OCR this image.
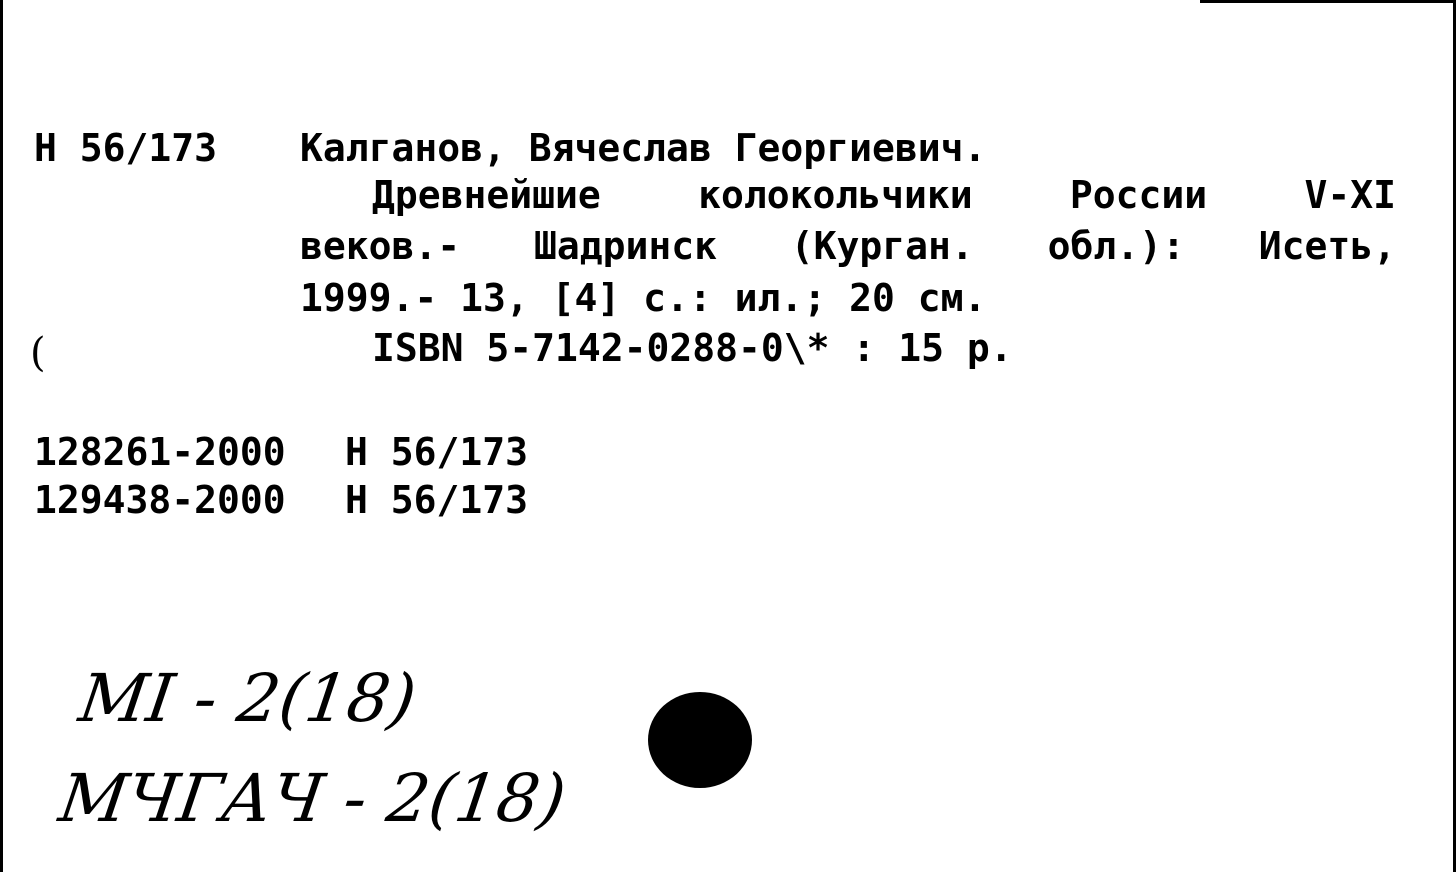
Н 56/173 Калганов, Вячеслав Георгиевич.
Древнейшие	колокольчики	России	V-XI
веков.- Шадринск (Курган. обл.): Исеть,
1999.- 13, [4] с.: ил.; 20 см.
ISBN 5-7142-0288-0\* : 15 р.
(
128261-2000 Н 56/173
129438-2000 Н 56/173
МI - 2(18)
МЧГАЧ - 2(18)
